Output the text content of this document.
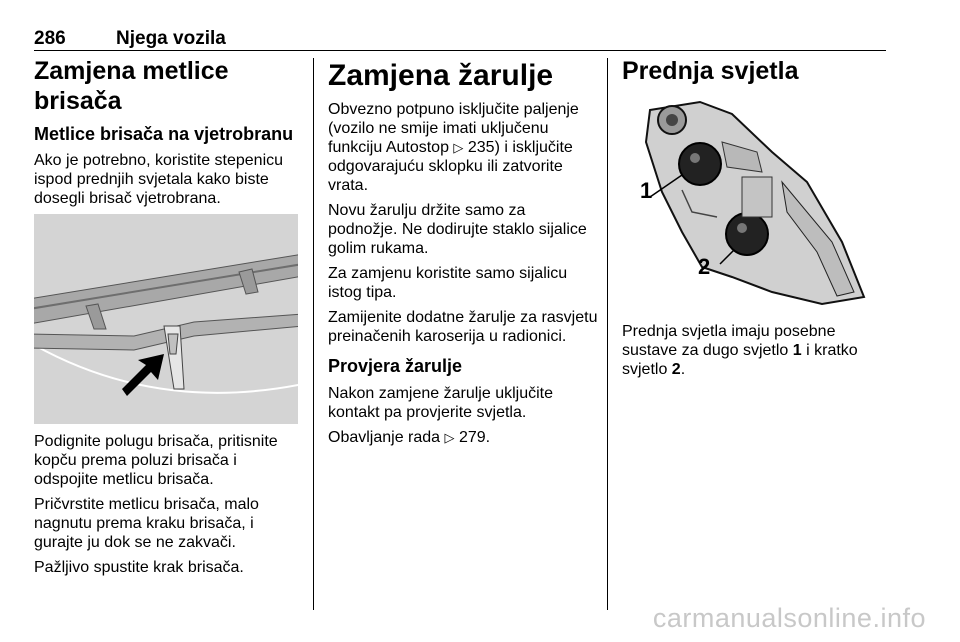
286	Njega vozila
Zamjena metlice brisača
Metlice brisača na vjetrobranu

Ako je potrebno, koristite stepenicu ispod prednjih svjetala kako biste dosegli brisač vjetrobrana.

Podignite polugu brisača, pritisnite kopču prema poluzi brisača i odspojite metlicu brisača.

Pričvrstite metlicu brisača, malo nagnutu prema kraku brisača, i gurajte ju dok se ne zakvači.

Pažljivo spustite krak brisača.

Zamjena žarulje

Obvezno potpuno isključite paljenje (vozilo ne smije imati uključenu funkciju Autostop ▷ 235) i isključite odgovarajuću sklopku ili zatvorite vrata.

Novu žarulju držite samo za podnožje. Ne dodirujte staklo sijalice golim rukama.

Za zamjenu koristite samo sijalicu istog tipa.

Zamijenite dodatne žarulje za rasvjetu preinačenih karoserija u radionici.

Provjera žarulje

Nakon zamjene žarulje uključite kontakt pa provjerite svjetla.

Obavljanje rada ▷ 279.

Prednja svjetla
1
2

Prednja svjetla imaju posebne sustave za dugo svjetlo 1 i kratko svjetlo 2.

carmanualsonline.info
